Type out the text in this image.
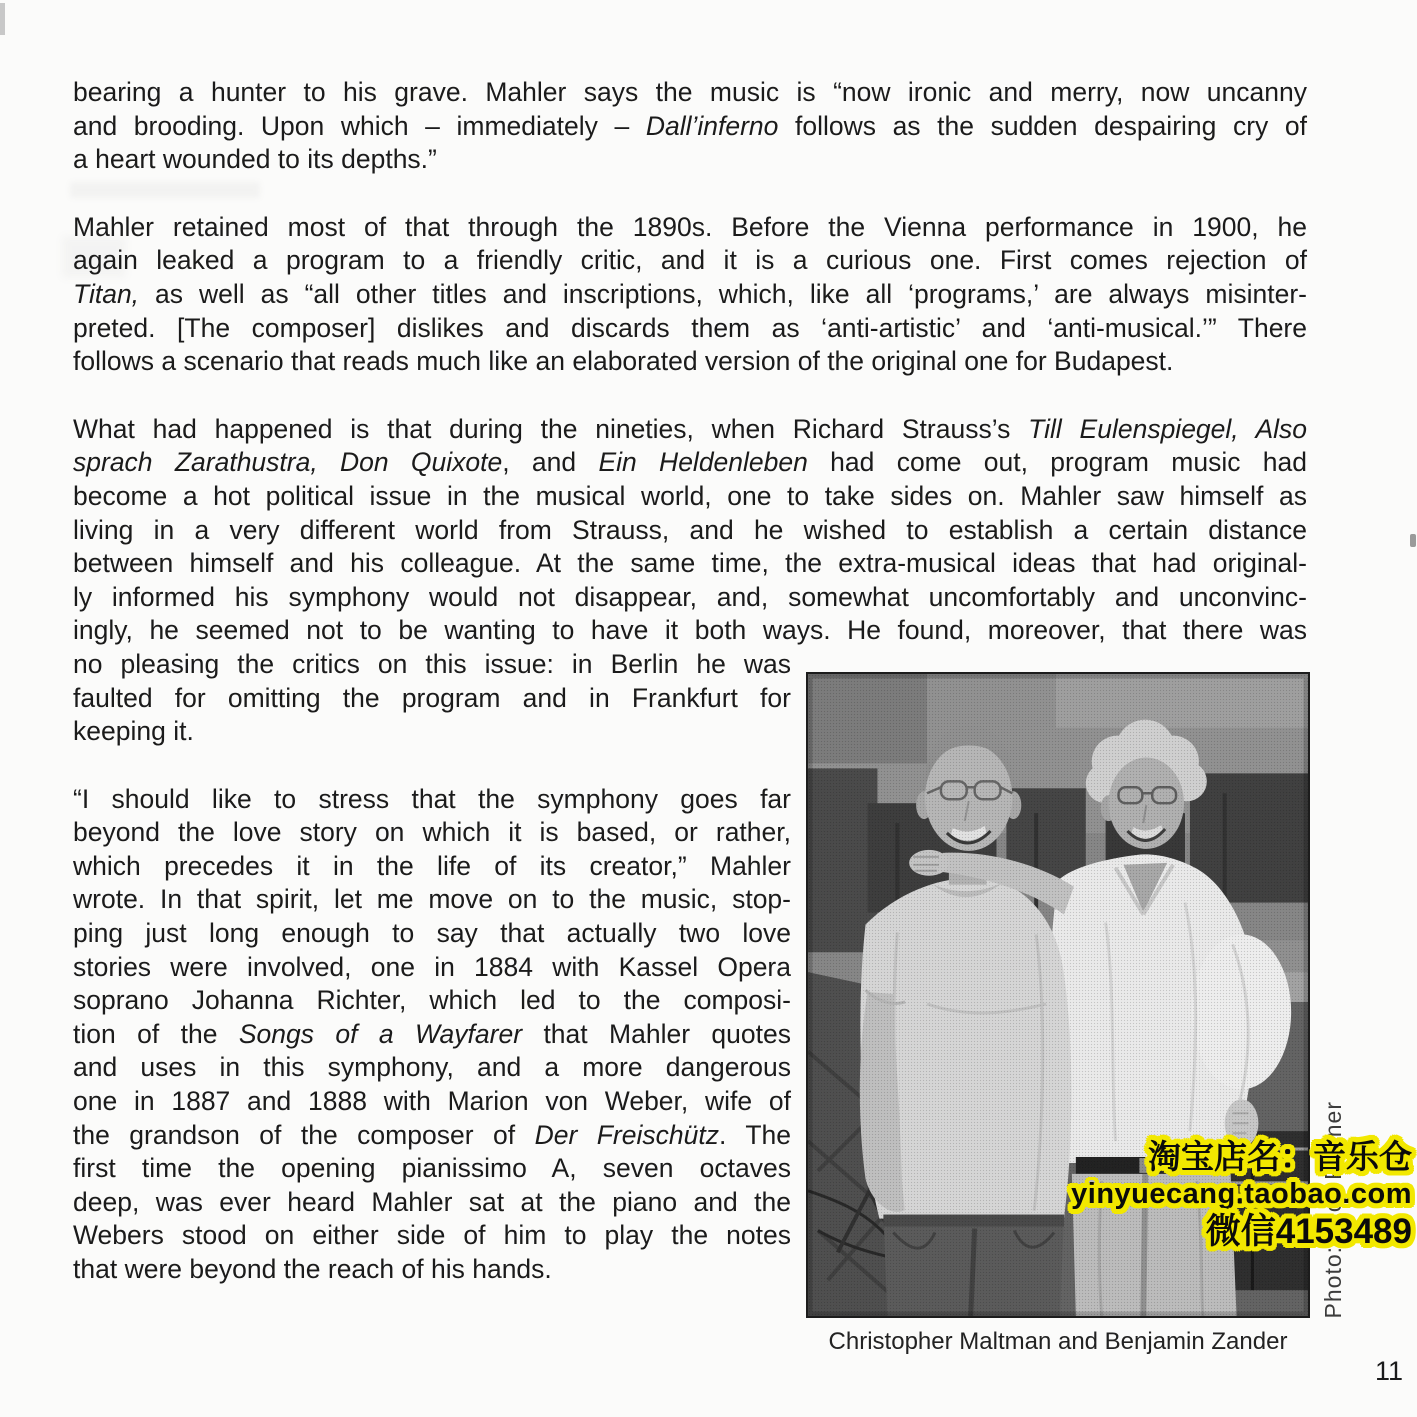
bearing a hunter to his grave. Mahler says the music is “now ironic and merry, now uncanny
and brooding. Upon which – immediately – Dall’inferno follows as the sudden despairing cry of
a heart wounded to its depths.”
Mahler retained most of that through the 1890s. Before the Vienna performance in 1900, he
again leaked a program to a friendly critic, and it is a curious one. First comes rejection of
Titan, as well as “all other titles and inscriptions, which, like all ‘programs,’ are always misinter-
preted. [The composer] dislikes and discards them as ‘anti-artistic’ and ‘anti-musical.’” There
follows a scenario that reads much like an elaborated version of the original one for Budapest.
What had happened is that during the nineties, when Richard Strauss’s Till Eulenspiegel, Also
sprach Zarathustra, Don Quixote, and Ein Heldenleben had come out, program music had
become a hot political issue in the musical world, one to take sides on. Mahler saw himself as
living in a very different world from Strauss, and he wished to establish a certain distance
between himself and his colleague. At the same time, the extra-musical ideas that had original-
ly informed his symphony would not disappear, and, somewhat uncomfortably and unconvinc-
ingly, he seemed not to be wanting to have it both ways. He found, moreover, that there was
no pleasing the critics on this issue: in Berlin he was
faulted for omitting the program and in Frankfurt for
keeping it.
“I should like to stress that the symphony goes far
beyond the love story on which it is based, or rather,
which precedes it in the life of its creator,” Mahler
wrote. In that spirit, let me move on to the music, stop-
ping just long enough to say that actually two love
stories were involved, one in 1884 with Kassel Opera
soprano Johanna Richter, which led to the composi-
tion of the Songs of a Wayfarer that Mahler quotes
and uses in this symphony, and a more dangerous
one in 1887 and 1888 with Marion von Weber, wife of
the grandson of the composer of Der Freischütz. The
first time the opening pianissimo A, seven octaves
deep, was ever heard Mahler sat at the piano and the
Webers stood on either side of him to play the notes
that were beyond the reach of his hands.	Photo: Jack Fenner
Christopher Maltman and Benjamin Zander
11
淘宝店名：音乐仓
yinyuecang.taobao.com
微信4153489
